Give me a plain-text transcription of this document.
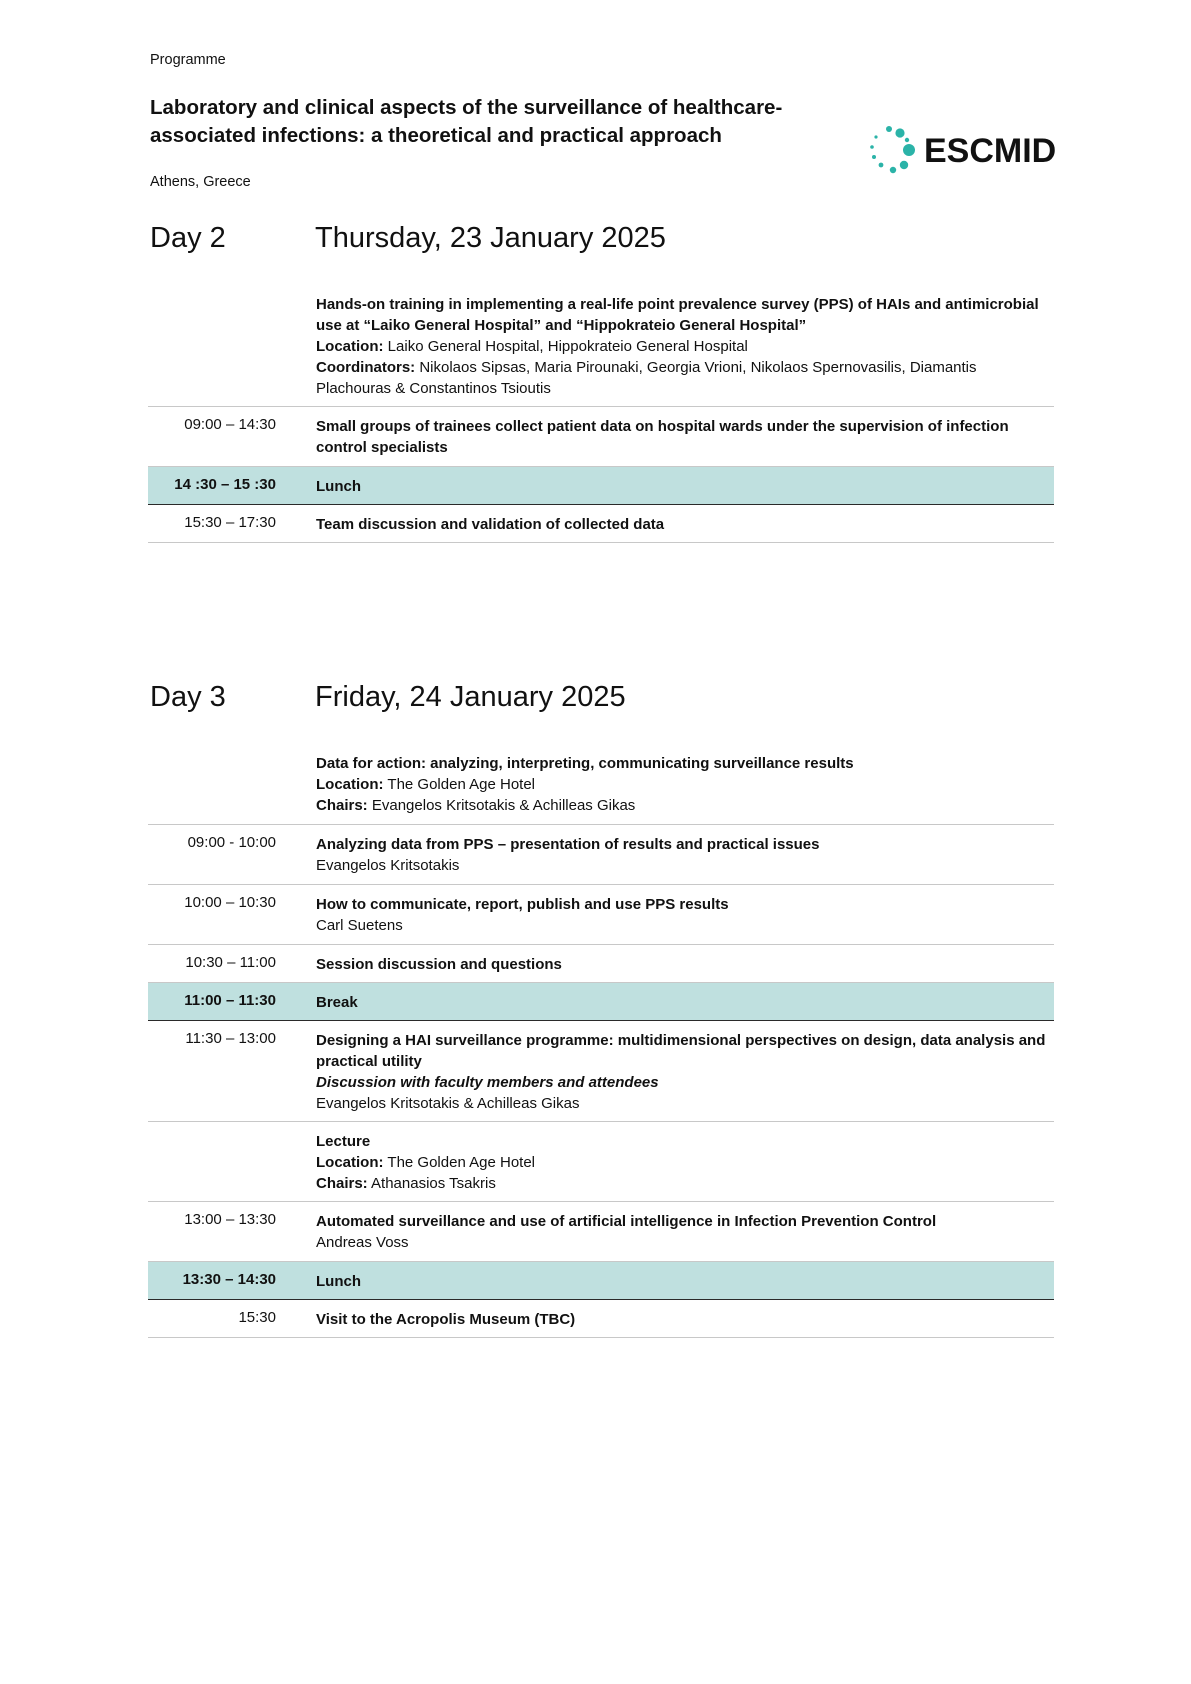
Programme
Laboratory and clinical aspects of the surveillance of healthcare-
associated infections: a theoretical and practical approach
Athens, Greece
ESCMID
Day 2	Thursday, 23 January 2025
Hands-on training in implementing a real-life point prevalence survey (PPS) of HAIs and antimicrobial use at “Laiko General Hospital” and “Hippokrateio General Hospital”
Location: Laiko General Hospital, Hippokrateio General Hospital
Coordinators: Nikolaos Sipsas, Maria Pirounaki, Georgia Vrioni, Nikolaos Spernovasilis, Diamantis Plachouras & Constantinos Tsioutis
09:00 – 14:30	Small groups of trainees collect patient data on hospital wards under the supervision of infection control specialists
14 :30 – 15 :30	Lunch
15:30 – 17:30	Team discussion and validation of collected data
Day 3	Friday, 24 January 2025
Data for action: analyzing, interpreting, communicating surveillance results
Location: The Golden Age Hotel
Chairs: Evangelos Kritsotakis & Achilleas Gikas
09:00 - 10:00	Analyzing data from PPS – presentation of results and practical issues
Evangelos Kritsotakis
10:00 – 10:30	How to communicate, report, publish and use PPS results
Carl Suetens
10:30 – 11:00	Session discussion and questions
11:00 – 11:30	Break
11:30 – 13:00	Designing a HAI surveillance programme: multidimensional perspectives on design, data analysis and practical utility
Discussion with faculty members and attendees
Evangelos Kritsotakis & Achilleas Gikas
Lecture
Location: The Golden Age Hotel
Chairs: Athanasios Tsakris
13:00 – 13:30	Automated surveillance and use of artificial intelligence in Infection Prevention Control
Andreas Voss
13:30 – 14:30	Lunch
15:30	Visit to the Acropolis Museum (TBC)
